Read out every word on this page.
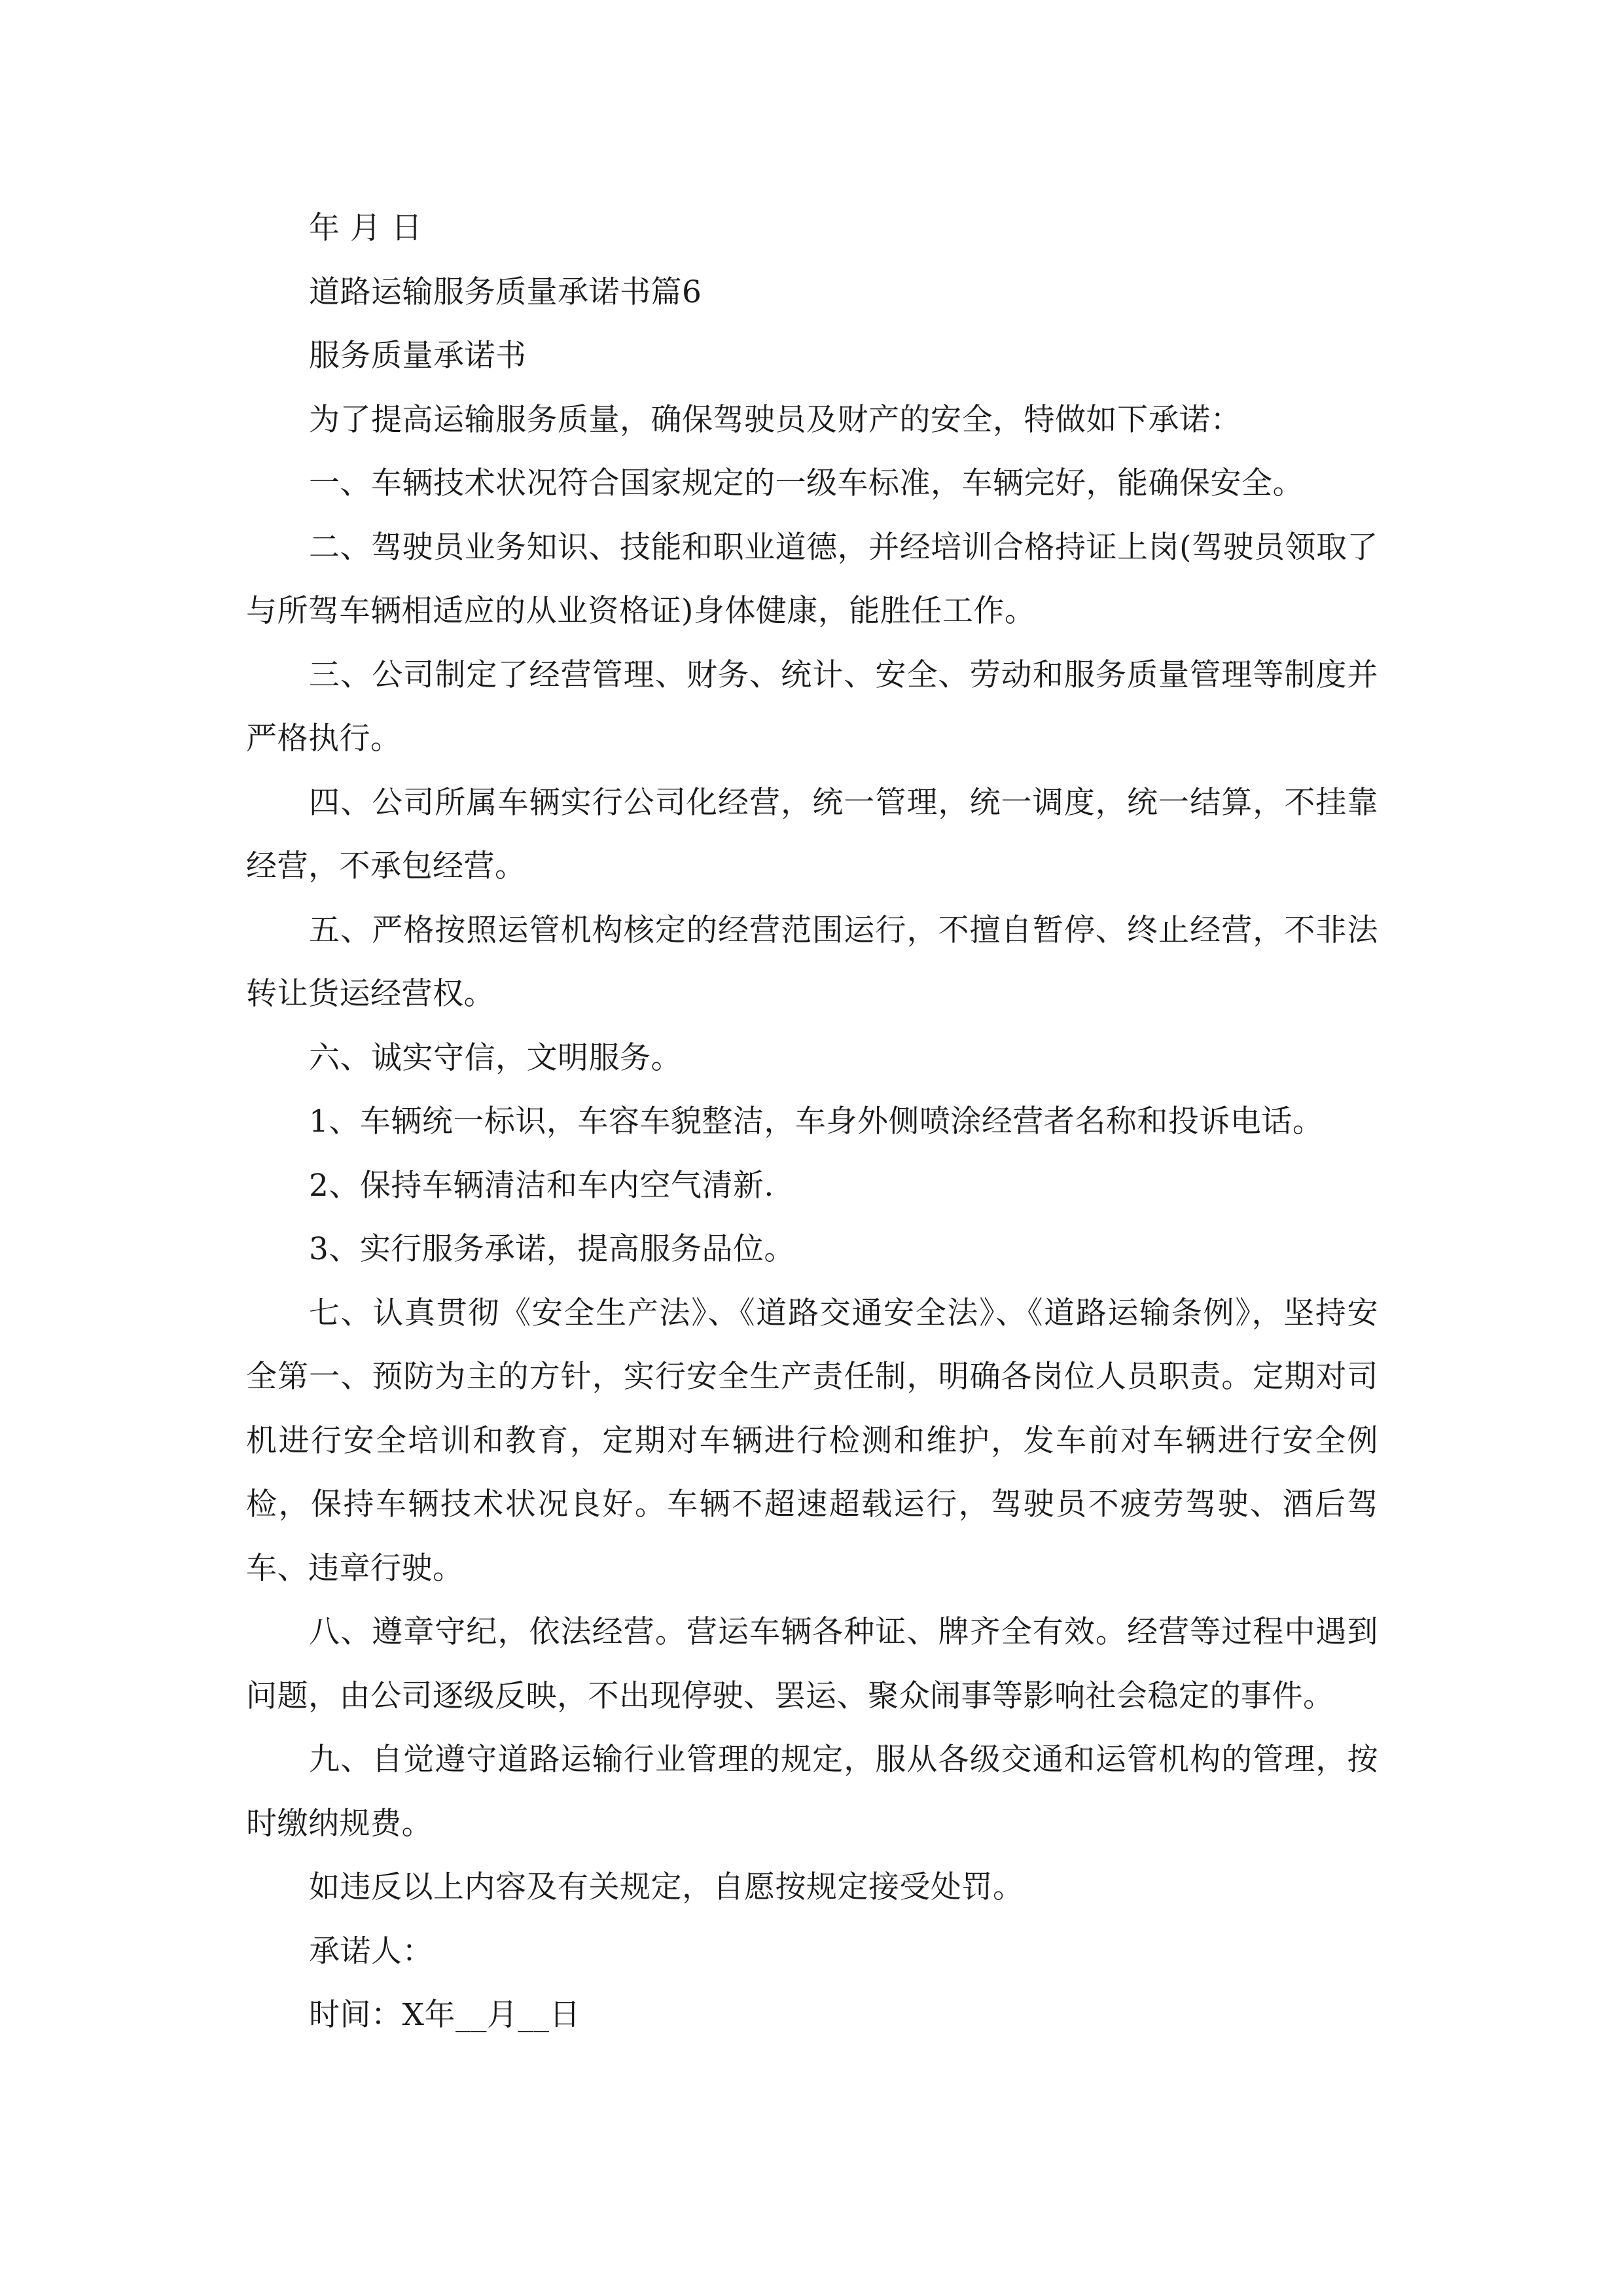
年 月 日

道路运输服务质量承诺书篇6

服务质量承诺书

为了提高运输服务质量，确保驾驶员及财产的安全，特做如下承诺：

一、车辆技术状况符合国家规定的一级车标准，车辆完好，能确保安全。

二、驾驶员业务知识、技能和职业道德，并经培训合格持证上岗(驾驶员领取了与所驾车辆相适应的从业资格证)身体健康，能胜任工作。

三、公司制定了经营管理、财务、统计、安全、劳动和服务质量管理等制度并严格执行。

四、公司所属车辆实行公司化经营，统一管理，统一调度，统一结算，不挂靠经营，不承包经营。

五、严格按照运管机构核定的经营范围运行，不擅自暂停、终止经营，不非法转让货运经营权。

六、诚实守信，文明服务。

1、车辆统一标识，车容车貌整洁，车身外侧喷涂经营者名称和投诉电话。

2、保持车辆清洁和车内空气清新.

3、实行服务承诺，提高服务品位。

七、认真贯彻《安全生产法》、《道路交通安全法》、《道路运输条例》，坚持安全第一、预防为主的方针，实行安全生产责任制，明确各岗位人员职责。定期对司机进行安全培训和教育，定期对车辆进行检测和维护，发车前对车辆进行安全例检，保持车辆技术状况良好。车辆不超速超载运行，驾驶员不疲劳驾驶、酒后驾车、违章行驶。

八、遵章守纪，依法经营。营运车辆各种证、牌齐全有效。经营等过程中遇到问题，由公司逐级反映，不出现停驶、罢运、聚众闹事等影响社会稳定的事件。

九、自觉遵守道路运输行业管理的规定，服从各级交通和运管机构的管理，按时缴纳规费。

如违反以上内容及有关规定，自愿按规定接受处罚。

承诺人：

时间：X年__月__日
